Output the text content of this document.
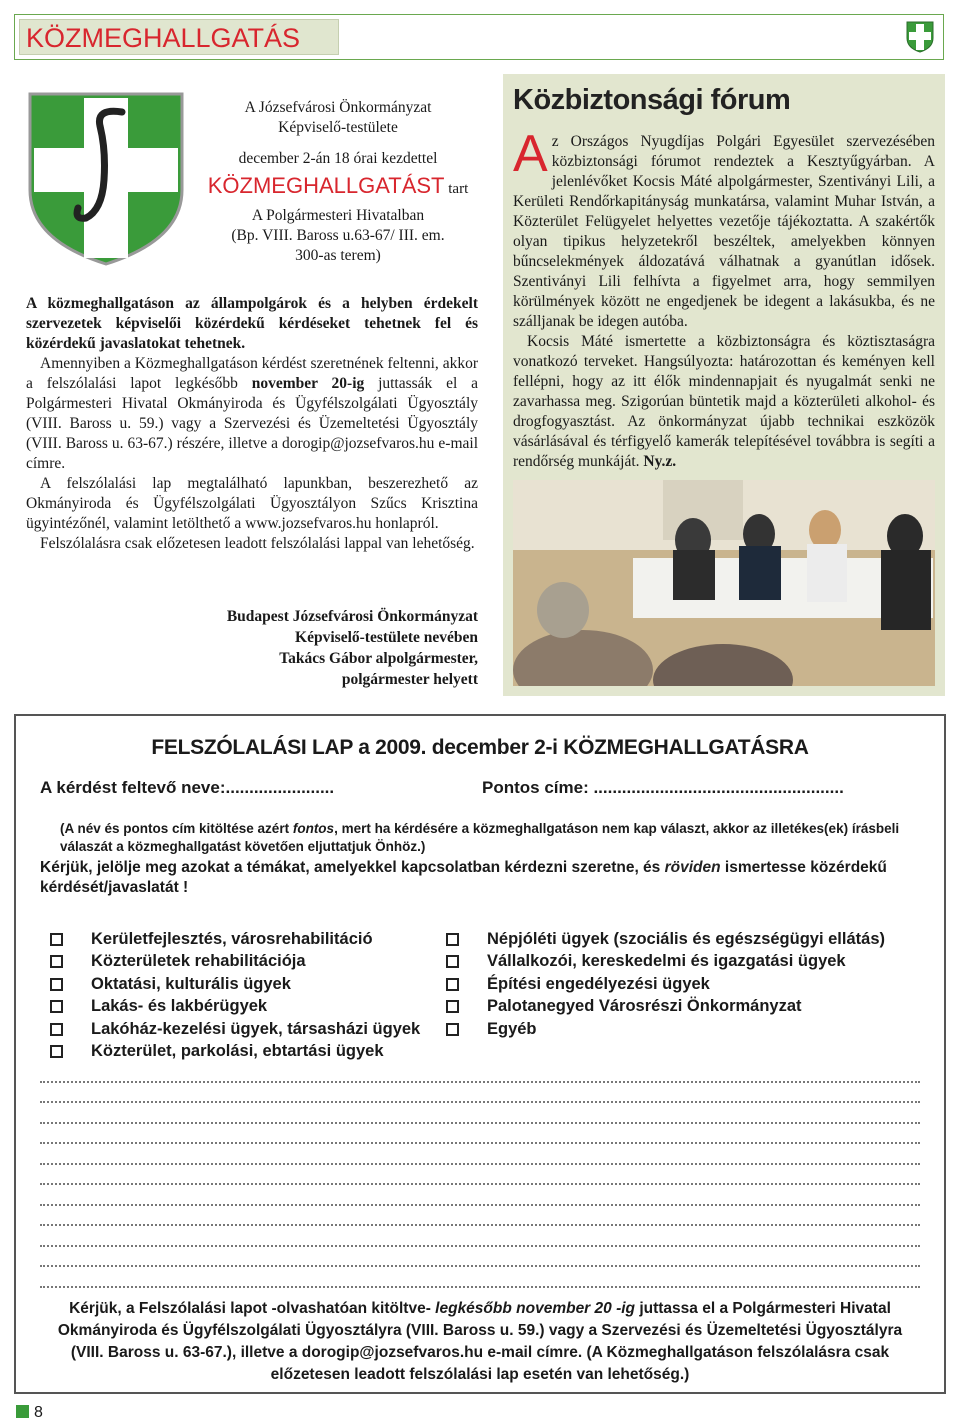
KÖZMEGHALLGATÁS
A Józsefvárosi Önkormányzat
Képviselő-testülete
december 2-án 18 órai kezdettel
KÖZMEGHALLGATÁST tart
A Polgármesteri Hivatalban
(Bp. VIII. Baross u.63-67/ III. em.
300-as terem)

A közmeghallgatáson az állampolgárok és a helyben érdekelt szervezetek képviselői közérdekű kérdéseket tehetnek fel és közérdekű javaslatokat tehetnek.

Amennyiben a Közmeghallgatáson kérdést szeretnének feltenni, akkor a felszólalási lapot legkésőbb november 20-ig juttassák el a Polgármesteri Hivatal Okmányiroda és Ügyfélszolgálati Ügyosztály (VIII. Baross u. 59.) vagy a Szervezési és Üzemeltetési Ügyosztály (VIII. Baross u. 63-67.) részére, illetve a dorogip@jozsefvaros.hu e-mail címre.

A felszólalási lap megtalálható lapunkban, beszerezhető az Okmányiroda és Ügyfélszolgálati Ügyosztályon Szűcs Krisztina ügyintézőnél, valamint letölthető a www.jozsefvaros.hu honlapról.

Felszólalásra csak előzetesen leadott felszólalási lappal van lehetőség.

Budapest Józsefvárosi Önkormányzat
Képviselő-testülete nevében
Takács Gábor alpolgármester,
polgármester helyett
Közbiztonsági fórum

Az Országos Nyugdíjas Polgári Egyesület szervezésében közbiztonsági fórumot rendeztek a Kesztyűgyárban. A jelenlévőket Kocsis Máté alpolgármester, Szentiványi Lili, a Kerületi Rendőrkapitányság munkatársa, valamint Muhar István, a Közterület Felügyelet helyettes vezetője tájékoztatta. A szakértők olyan tipikus helyzetekről beszéltek, amelyekben könnyen bűncselekmények áldozatává válhatnak a gyanútlan idősek. Szentiványi Lili felhívta a figyelmet arra, hogy semmilyen körülmények között ne engedjenek be idegent a lakásukba, és ne szálljanak be idegen autóba.

Kocsis Máté ismertette a közbiztonságra és köztisztaságra vonatkozó terveket. Hangsúlyozta: határozottan és keményen kell fellépni, hogy az itt élők mindennapjait és nyugalmát senki ne zavarhassa meg. Szigorúan büntetik majd a közterületi alkohol- és drogfogyasztást. Az önkormányzat újabb technikai eszközök vásárlásával és térfigyelő kamerák telepítésével továbbra is segíti a rendőrség munkáját. Ny.z.

FELSZÓLALÁSI LAP a 2009. december 2-i KÖZMEGHALLGATÁSRA
A kérdést feltevő neve:.......................	Pontos címe: .....................................................
(A név és pontos cím kitöltése azért fontos, mert ha kérdésére a közmeghallgatáson nem kap választ, akkor az illetékes(ek) írásbeli válaszát a közmeghallgatást követően eljuttatjuk Önhöz.)
Kérjük, jelölje meg azokat a témákat, amelyekkel kapcsolatban kérdezni szeretne, és röviden ismertesse közérdekű kérdését/javaslatát !
Kerületfejlesztés, városrehabilitáció
Közterületek rehabilitációja
Oktatási, kulturális ügyek
Lakás- és lakbérügyek
Lakóház-kezelési ügyek, társasházi ügyek
Közterület, parkolási, ebtartási ügyek
Népjóléti ügyek (szociális és egészségügyi ellátás)
Vállalkozói, kereskedelmi és igazgatási ügyek
Építési engedélyezési ügyek
Palotanegyed Városrészi Önkormányzat
Egyéb
Kérjük, a Felszólalási lapot -olvashatóan kitöltve- legkésőbb november 20 -ig juttassa el a Polgármesteri Hivatal Okmányiroda és Ügyfélszolgálati Ügyosztályra (VIII. Baross u. 59.) vagy a Szervezési és Üzemeltetési Ügyosztályra (VIII. Baross u. 63-67.), illetve a dorogip@jozsefvaros.hu e-mail címre. (A Közmeghallgatáson felszólalásra csak előzetesen leadott felszólalási lap esetén van lehetőség.)
8
